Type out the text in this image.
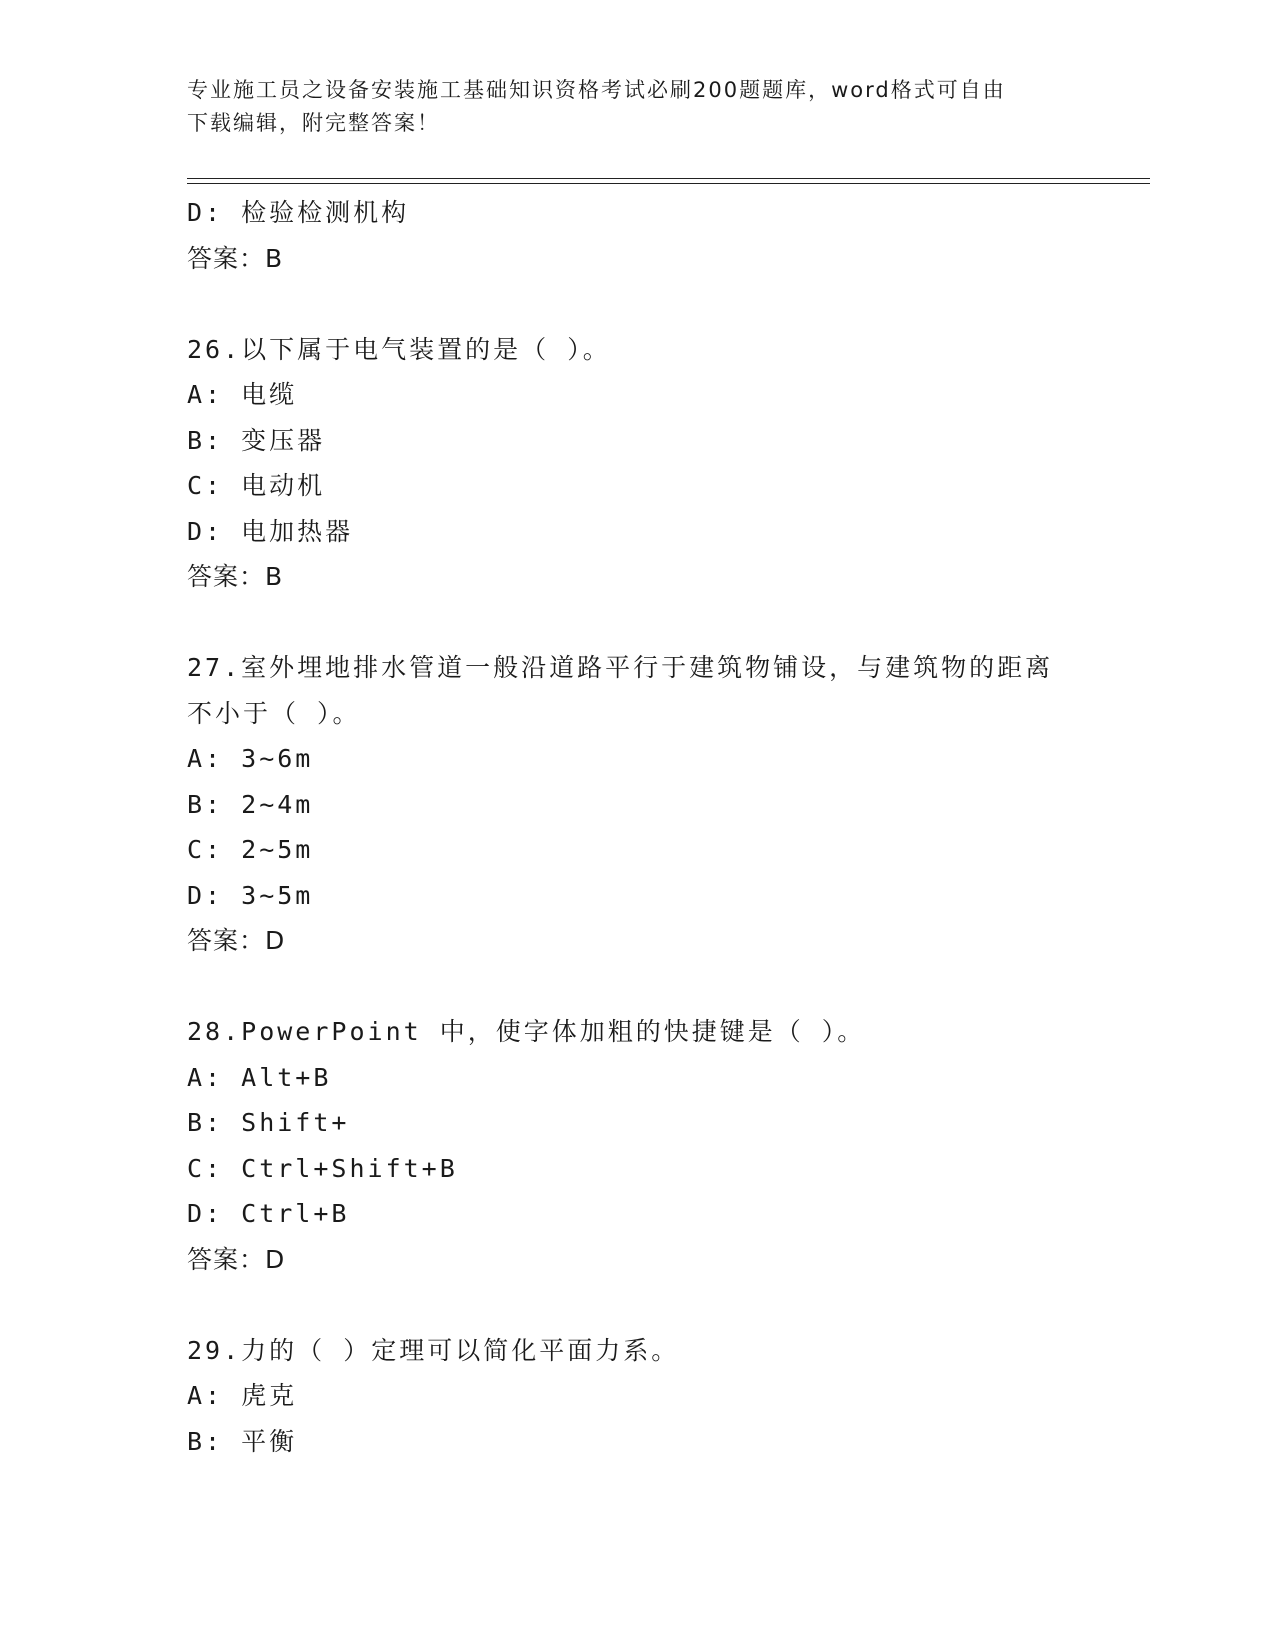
专业施工员之设备安装施工基础知识资格考试必刷200题题库，word格式可自由
下载编辑，附完整答案！
D: 检验检测机构
答案：B
26.以下属于电气装置的是（ ）。
A: 电缆
B: 变压器
C: 电动机
D: 电加热器
答案：B
27.室外埋地排水管道一般沿道路平行于建筑物铺设，与建筑物的距离
不小于（ ）。
A: 3~6m
B: 2~4m
C: 2~5m
D: 3~5m
答案：D
28.PowerPoint 中，使字体加粗的快捷键是（ ）。
A: Alt+B
B: Shift+
C: Ctrl+Shift+B
D: Ctrl+B
答案：D
29.力的（ ）定理可以简化平面力系。
A: 虎克
B: 平衡
